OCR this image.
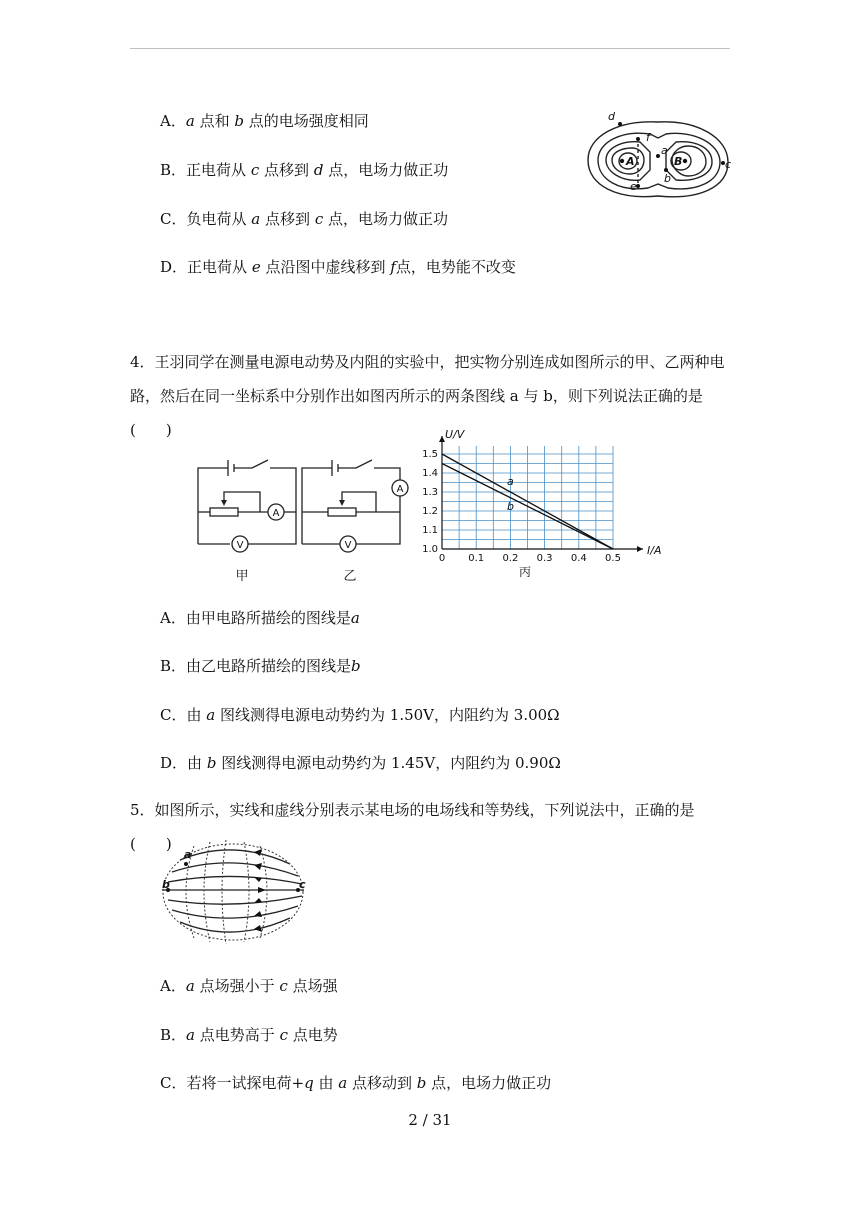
A．a 点和 b 点的电场强度相同
B．正电荷从 c 点移到 d 点，电场力做正功
C．负电荷从 a 点移到 c 点，电场力做正功
D．正电荷从 e 点沿图中虚线移到 f点，电势能不改变
d
f
a
A	B
b
c
e
4．王羽同学在测量电源电动势及内阻的实验中，把实物分别连成如图所示的甲、乙两种电路，然后在同一坐标系中分别作出如图丙所示的两条图线 a 与 b，则下列说法正确的是(　　)
A
V
A
V
甲	乙
a
b
0 0.1 0.2 0.3 0.4 0.5
1.0
1.1
1.2
1.3
1.4
1.5
U/V
I/A
丙
A．由甲电路所描绘的图线是a
B．由乙电路所描绘的图线是b
C．由 a 图线测得电源电动势约为 1.50V，内阻约为 3.00Ω
D．由 b 图线测得电源电动势约为 1.45V，内阻约为 0.90Ω
5．如图所示，实线和虚线分别表示某电场的电场线和等势线，下列说法中，正确的是(　　)
a
b	c
A．a 点场强小于 c 点场强
B．a 点电势高于 c 点电势
C．若将一试探电荷+q 由 a 点移动到 b 点，电场力做正功
2 / 31
